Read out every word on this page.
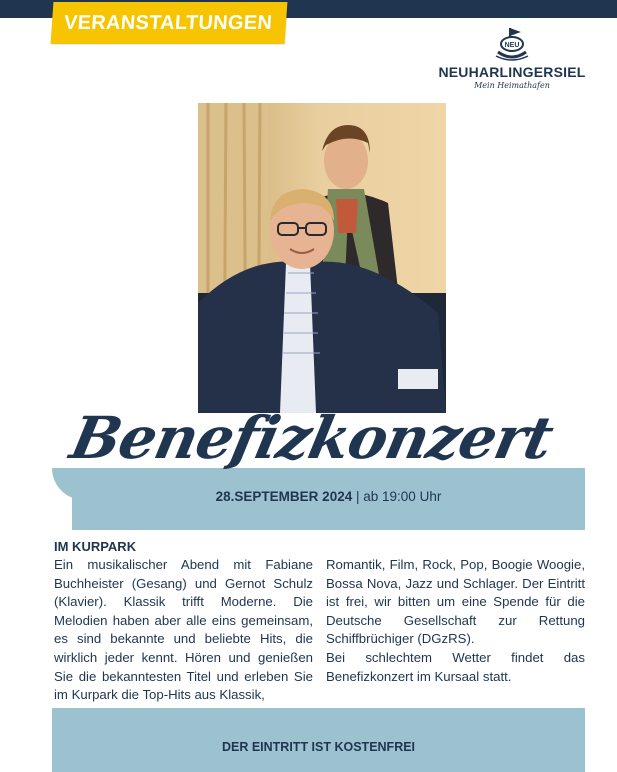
VERANSTALTUNGEN
NEU
NEUHARLINGERSIEL
Mein Heimathafen
Benefizkonzert
28.SEPTEMBER 2024 | ab 19:00 Uhr
IM KURPARK
Ein musikalischer Abend mit Fabiane Buchheister (Gesang) und Gernot Schulz (Klavier). Klassik trifft Moderne. Die Melodien haben aber alle eins gemeinsam, es sind bekannte und beliebte Hits, die wirklich jeder kennt. Hören und genießen Sie die bekanntesten Titel und erleben Sie im Kurpark die Top-Hits aus Klassik,
Romantik, Film, Rock, Pop, Boogie Woogie, Bossa Nova, Jazz und Schlager. Der Eintritt ist frei, wir bitten um eine Spende für die Deutsche Gesellschaft zur Rettung Schiffbrüchiger (DGzRS).
Bei schlechtem Wetter findet das Benefizkonzert im Kursaal statt.
DER EINTRITT IST KOSTENFREI
